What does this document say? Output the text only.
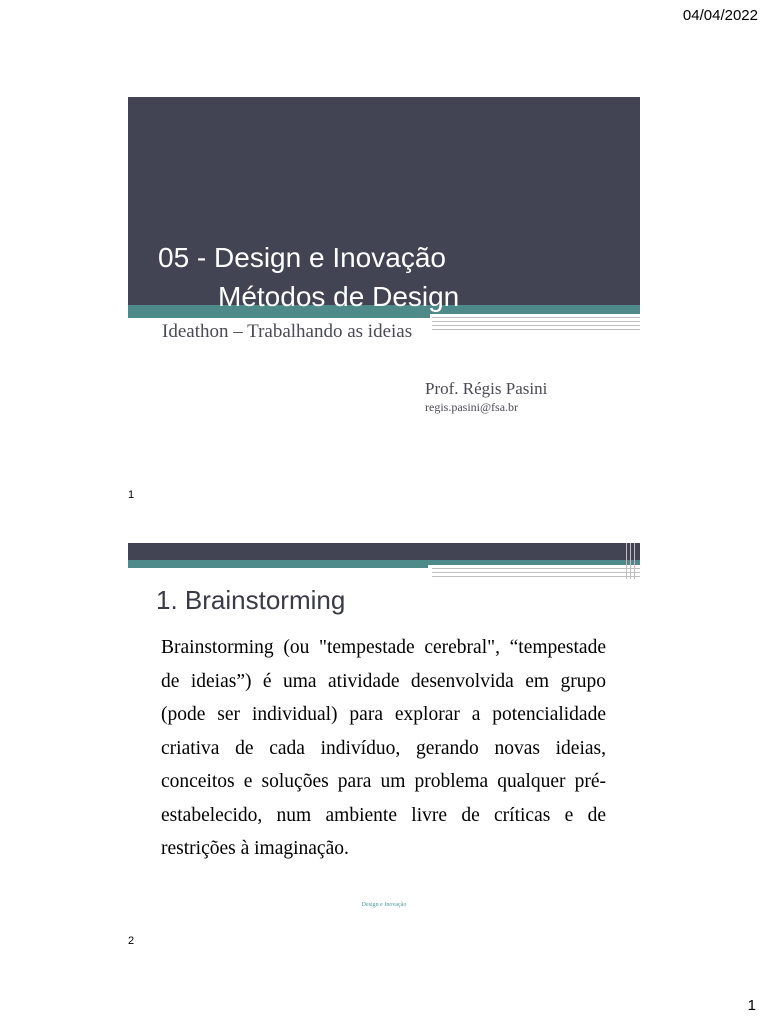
04/04/2022
05 - Design e Inovação
Métodos de Design
Ideathon – Trabalhando as ideias
Prof. Régis Pasini
regis.pasini@fsa.br
1
1. Brainstorming

Brainstorming (ou "tempestade cerebral", “tempestade de ideias”) é uma atividade desenvolvida em grupo (pode ser individual) para explorar a potencialidade criativa de cada indivíduo, gerando novas ideias, conceitos e soluções para um problema qualquer pré-estabelecido, num ambiente livre de críticas e de restrições à imaginação.

Design e Inovação
2
1
